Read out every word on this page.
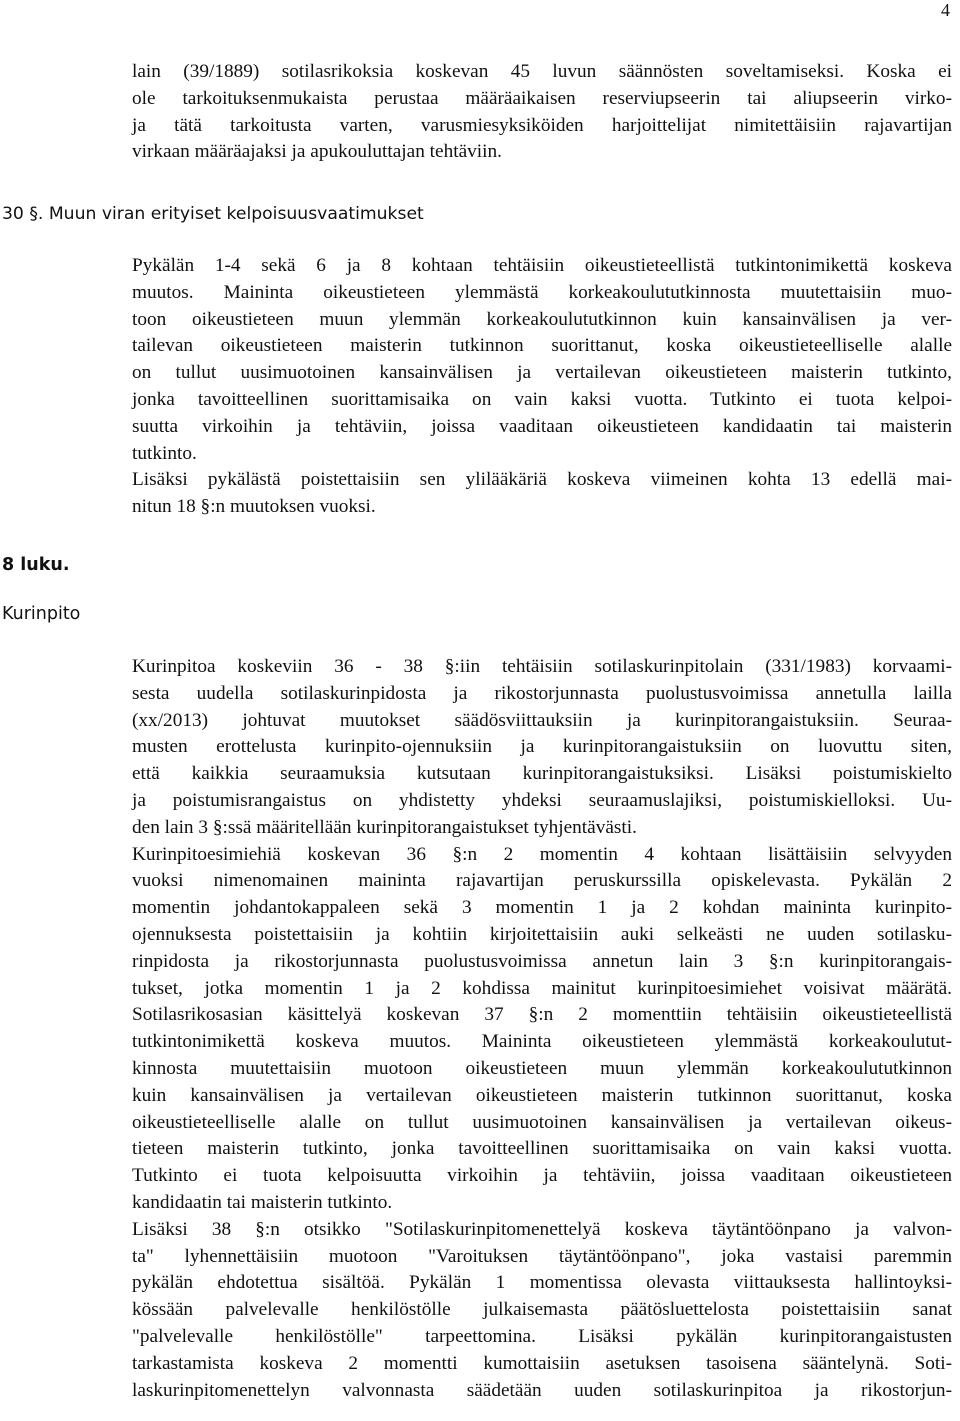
4
lain (39/1889) sotilasrikoksia koskevan 45 luvun säännösten soveltamiseksi. Koska ei
ole tarkoituksenmukaista perustaa määräaikaisen reserviupseerin tai aliupseerin virko-
ja tätä tarkoitusta varten, varusmiesyksiköiden harjoittelijat nimitettäisiin rajavartijan
virkaan määräajaksi ja apukouluttajan tehtäviin.
30 §. Muun viran erityiset kelpoisuusvaatimukset
Pykälän 1-4 sekä 6 ja 8 kohtaan tehtäisiin oikeustieteellistä tutkintonimikettä koskeva
muutos. Maininta oikeustieteen ylemmästä korkeakoulututkinnosta muutettaisiin muo-
toon oikeustieteen muun ylemmän korkeakoulututkinnon kuin kansainvälisen ja ver-
tailevan oikeustieteen maisterin tutkinnon suorittanut, koska oikeustieteelliselle alalle
on tullut uusimuotoinen kansainvälisen ja vertailevan oikeustieteen maisterin tutkinto,
jonka tavoitteellinen suorittamisaika on vain kaksi vuotta. Tutkinto ei tuota kelpoi-
suutta virkoihin ja tehtäviin, joissa vaaditaan oikeustieteen kandidaatin tai maisterin
tutkinto.
Lisäksi pykälästä poistettaisiin sen ylilääkäriä koskeva viimeinen kohta 13 edellä mai-
nitun 18 §:n muutoksen vuoksi.
8 luku.
Kurinpito
Kurinpitoa koskeviin 36 - 38 §:iin tehtäisiin sotilaskurinpitolain (331/1983) korvaami-
sesta uudella sotilaskurinpidosta ja rikostorjunnasta puolustusvoimissa annetulla lailla
(xx/2013) johtuvat muutokset säädösviittauksiin ja kurinpitorangaistuksiin. Seuraa-
musten erottelusta kurinpito-ojennuksiin ja kurinpitorangaistuksiin on luovuttu siten,
että kaikkia seuraamuksia kutsutaan kurinpitorangaistuksiksi. Lisäksi poistumiskielto
ja poistumisrangaistus on yhdistetty yhdeksi seuraamuslajiksi, poistumiskielloksi. Uu-
den lain 3 §:ssä määritellään kurinpitorangaistukset tyhjentävästi.
Kurinpitoesimiehiä koskevan 36 §:n 2 momentin 4 kohtaan lisättäisiin selvyyden
vuoksi nimenomainen maininta rajavartijan peruskurssilla opiskelevasta. Pykälän 2
momentin johdantokappaleen sekä 3 momentin 1 ja 2 kohdan maininta kurinpito-
ojennuksesta poistettaisiin ja kohtiin kirjoitettaisiin auki selkeästi ne uuden sotilasku-
rinpidosta ja rikostorjunnasta puolustusvoimissa annetun lain 3 §:n kurinpitorangais-
tukset, jotka momentin 1 ja 2 kohdissa mainitut kurinpitoesimiehet voisivat määrätä.
Sotilasrikosasian käsittelyä koskevan 37 §:n 2 momenttiin tehtäisiin oikeustieteellistä
tutkintonimikettä koskeva muutos. Maininta oikeustieteen ylemmästä korkeakoulutut-
kinnosta muutettaisiin muotoon oikeustieteen muun ylemmän korkeakoulututkinnon
kuin kansainvälisen ja vertailevan oikeustieteen maisterin tutkinnon suorittanut, koska
oikeustieteelliselle alalle on tullut uusimuotoinen kansainvälisen ja vertailevan oikeus-
tieteen maisterin tutkinto, jonka tavoitteellinen suorittamisaika on vain kaksi vuotta.
Tutkinto ei tuota kelpoisuutta virkoihin ja tehtäviin, joissa vaaditaan oikeustieteen
kandidaatin tai maisterin tutkinto.
Lisäksi 38 §:n otsikko "Sotilaskurinpitomenettelyä koskeva täytäntöönpano ja valvon-
ta" lyhennettäisiin muotoon "Varoituksen täytäntöönpano", joka vastaisi paremmin
pykälän ehdotettua sisältöä. Pykälän 1 momentissa olevasta viittauksesta hallintoyksi-
kössään palvelevalle henkilöstölle julkaisemasta päätösluettelosta poistettaisiin sanat
"palvelevalle henkilöstölle" tarpeettomina. Lisäksi pykälän kurinpitorangaistusten
tarkastamista koskeva 2 momentti kumottaisiin asetuksen tasoisena sääntelynä. Soti-
laskurinpitomenettelyn valvonnasta säädetään uuden sotilaskurinpitoa ja rikostorjun-
